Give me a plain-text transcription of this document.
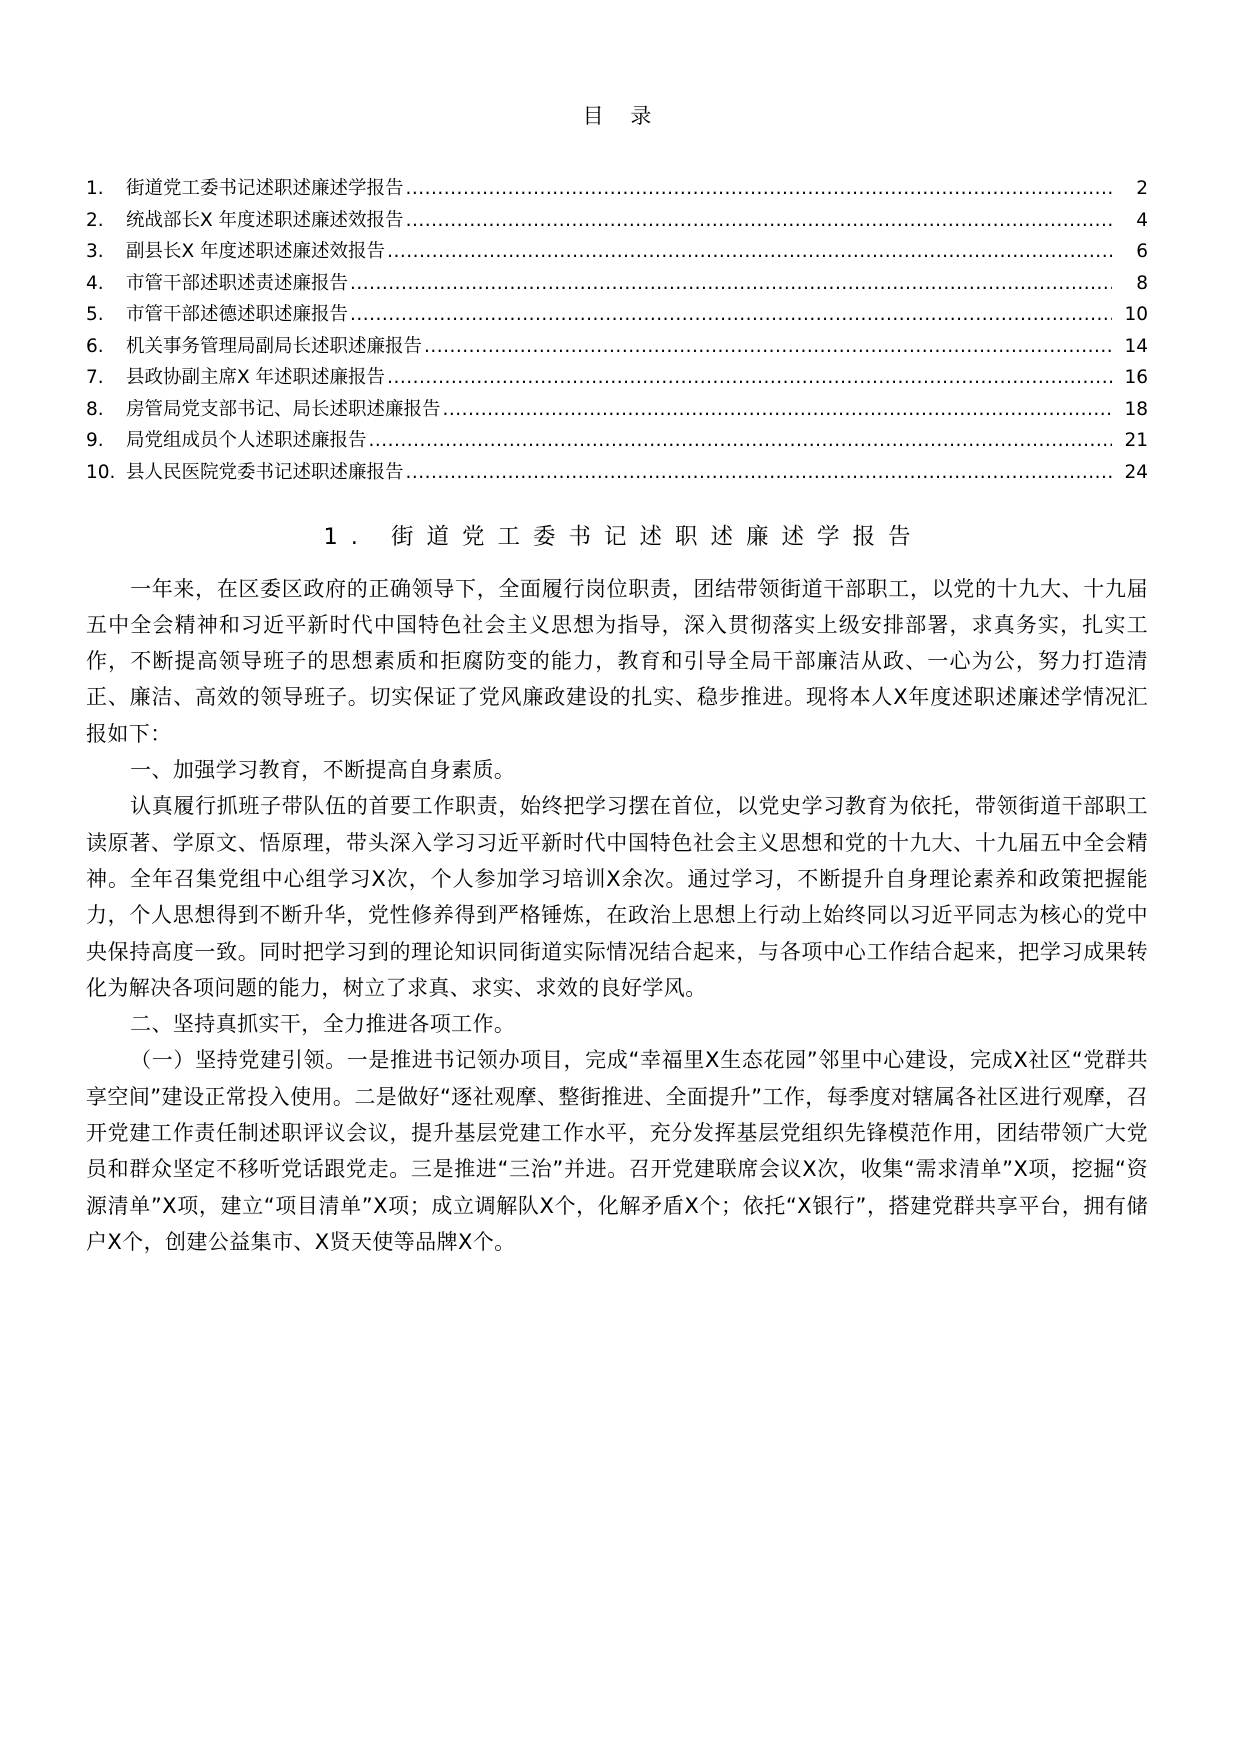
目 录
1.	街道党工委书记述职述廉述学报告 .....	2
2.	统战部长X 年度述职述廉述效报告 .....	4
3.	副县长X 年度述职述廉述效报告 .....	6
4.	市管干部述职述责述廉报告 .....	8
5.	市管干部述德述职述廉报告 .....	10
6.	机关事务管理局副局长述职述廉报告 .....	14
7.	县政协副主席X 年述职述廉报告 .....	16
8.	房管局党支部书记、局长述职述廉报告 .....	18
9.	局党组成员个人述职述廉报告 .....	21
10. 县人民医院党委书记述职述廉报告 .....	24
1. 街道党工委书记述职述廉述学报告

一年来，在区委区政府的正确领导下，全面履行岗位职责，团结带领街道干部职工，以党的十九大、十九届五中全会精神和习近平新时代中国特色社会主义思想为指导，深入贯彻落实上级安排部署，求真务实，扎实工作，不断提高领导班子的思想素质和拒腐防变的能力，教育和引导全局干部廉洁从政、一心为公，努力打造清正、廉洁、高效的领导班子。切实保证了党风廉政建设的扎实、稳步推进。现将本人X年度述职述廉述学情况汇报如下：

一、加强学习教育，不断提高自身素质。

认真履行抓班子带队伍的首要工作职责，始终把学习摆在首位，以党史学习教育为依托，带领街道干部职工读原著、学原文、悟原理，带头深入学习习近平新时代中国特色社会主义思想和党的十九大、十九届五中全会精神。全年召集党组中心组学习X次，个人参加学习培训X余次。通过学习，不断提升自身理论素养和政策把握能力，个人思想得到不断升华，党性修养得到严格锤炼，在政治上思想上行动上始终同以习近平同志为核心的党中央保持高度一致。同时把学习到的理论知识同街道实际情况结合起来，与各项中心工作结合起来，把学习成果转化为解决各项问题的能力，树立了求真、求实、求效的良好学风。

二、坚持真抓实干，全力推进各项工作。

（一）坚持党建引领。一是推进书记领办项目，完成“幸福里X生态花园”邻里中心建设，完成X社区“党群共享空间”建设正常投入使用。二是做好“逐社观摩、整街推进、全面提升”工作，每季度对辖属各社区进行观摩，召开党建工作责任制述职评议会议，提升基层党建工作水平，充分发挥基层党组织先锋模范作用，团结带领广大党员和群众坚定不移听党话跟党走。三是推进“三治”并进。召开党建联席会议X次，收集“需求清单”X项，挖掘“资源清单”X项，建立“项目清单”X项；成立调解队X个，化解矛盾X个；依托“X银行”，搭建党群共享平台，拥有储户X个，创建公益集市、X贤天使等品牌X个。
